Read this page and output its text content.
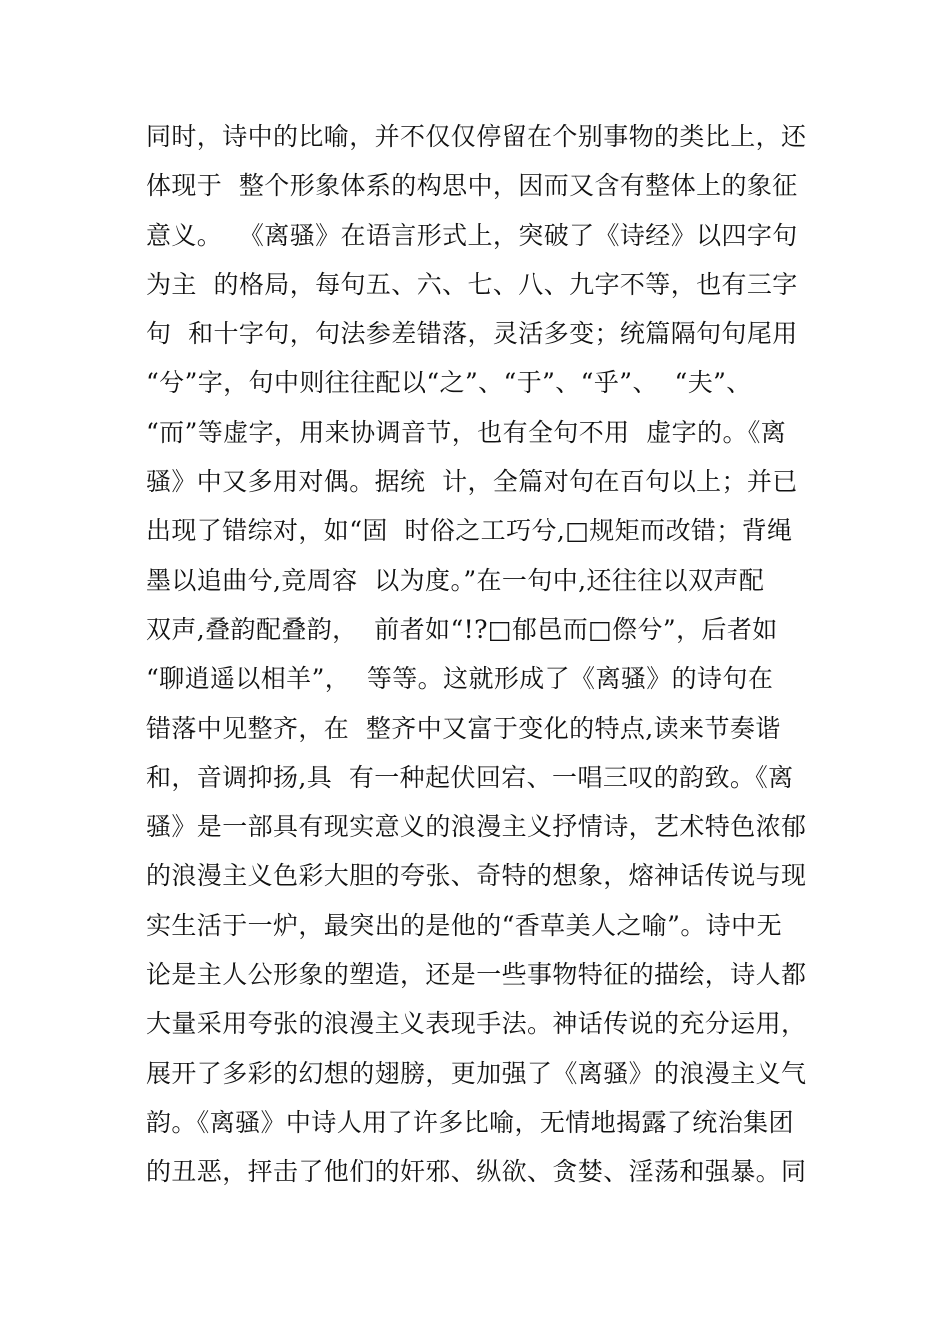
同时，诗中的比喻，并不仅仅停留在个别事物的类比上，还
体现于  整个形象体系的构思中，因而又含有整体上的象征
意义。  《离骚》在语言形式上，突破了《诗经》以四字句
为主  的格局，每句五、六、七、八、九字不等，也有三字
句  和十字句，句法参差错落，灵活多变；统篇隔句句尾用
“兮”字，句中则往往配以“之”、“于”、“乎”、  “夫”、
“而”等虚字，用来协调音节，也有全句不用  虚字的。《离
骚》中又多用对偶。据统  计，全篇对句在百句以上；并已
出现了错综对，如“固  时俗之工巧兮,□规矩而改错；背绳
墨以追曲兮,竞周容  以为度。”在一句中,还往往以双声配
双声,叠韵配叠韵，  前者如“!?□郁邑而□傺兮”，后者如
“聊逍遥以相羊”，  等等。这就形成了《离骚》的诗句在
错落中见整齐，在  整齐中又富于变化的特点,读来节奏谐
和，音调抑扬,具  有一种起伏回宕、一唱三叹的韵致。《离
骚》是一部具有现实意义的浪漫主义抒情诗，艺术特色浓郁
的浪漫主义色彩大胆的夸张、奇特的想象，熔神话传说与现
实生活于一炉，最突出的是他的“香草美人之喻”。诗中无
论是主人公形象的塑造，还是一些事物特征的描绘，诗人都
大量采用夸张的浪漫主义表现手法。神话传说的充分运用，
展开了多彩的幻想的翅膀，更加强了《离骚》的浪漫主义气
韵。《离骚》中诗人用了许多比喻，无情地揭露了统治集团
的丑恶，抨击了他们的奸邪、纵欲、贪婪、淫荡和强暴。同
